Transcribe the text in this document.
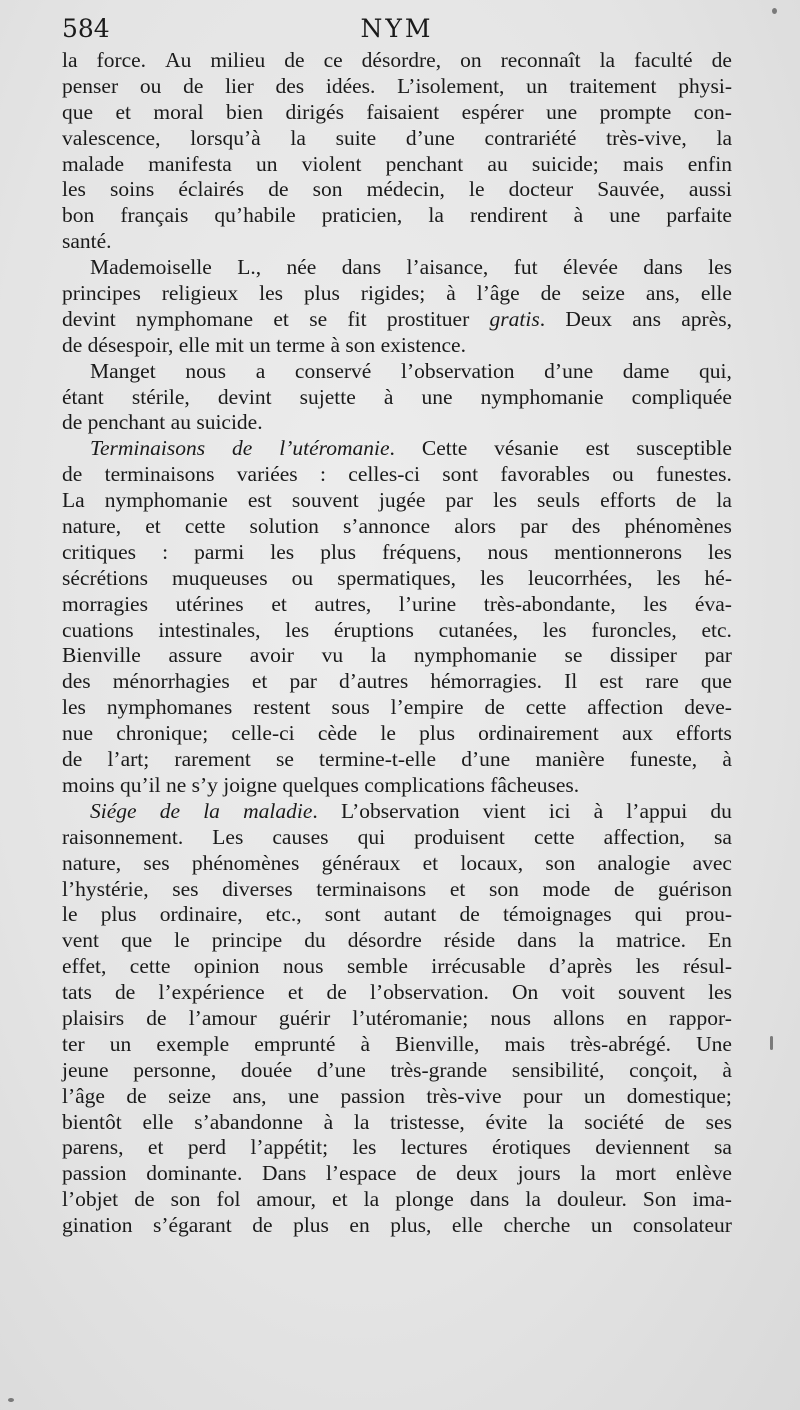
584	NYM
la force. Au milieu de ce désordre, on reconnaît la faculté de
penser ou de lier des idées. L’isolement, un traitement physi-
que et moral bien dirigés faisaient espérer une prompte con-
valescence, lorsqu’à la suite d’une contrariété très-vive, la
malade manifesta un violent penchant au suicide; mais enfin
les soins éclairés de son médecin, le docteur Sauvée, aussi
bon français qu’habile praticien, la rendirent à une parfaite
santé.
Mademoiselle L., née dans l’aisance, fut élevée dans les
principes religieux les plus rigides; à l’âge de seize ans, elle
devint nymphomane et se fit prostituer gratis. Deux ans après,
de désespoir, elle mit un terme à son existence.
Manget nous a conservé l’observation d’une dame qui,
étant stérile, devint sujette à une nymphomanie compliquée
de penchant au suicide.
Terminaisons de l’utéromanie. Cette vésanie est susceptible
de terminaisons variées : celles-ci sont favorables ou funestes.
La nymphomanie est souvent jugée par les seuls efforts de la
nature, et cette solution s’annonce alors par des phénomènes
critiques : parmi les plus fréquens, nous mentionnerons les
sécrétions muqueuses ou spermatiques, les leucorrhées, les hé-
morragies utérines et autres, l’urine très-abondante, les éva-
cuations intestinales, les éruptions cutanées, les furoncles, etc.
Bienville assure avoir vu la nymphomanie se dissiper par
des ménorrhagies et par d’autres hémorragies. Il est rare que
les nymphomanes restent sous l’empire de cette affection deve-
nue chronique; celle-ci cède le plus ordinairement aux efforts
de l’art; rarement se termine-t-elle d’une manière funeste, à
moins qu’il ne s’y joigne quelques complications fâcheuses.
Siége de la maladie. L’observation vient ici à l’appui du
raisonnement. Les causes qui produisent cette affection, sa
nature, ses phénomènes généraux et locaux, son analogie avec
l’hystérie, ses diverses terminaisons et son mode de guérison
le plus ordinaire, etc., sont autant de témoignages qui prou-
vent que le principe du désordre réside dans la matrice. En
effet, cette opinion nous semble irrécusable d’après les résul-
tats de l’expérience et de l’observation. On voit souvent les
plaisirs de l’amour guérir l’utéromanie; nous allons en rappor-
ter un exemple emprunté à Bienville, mais très-abrégé. Une
jeune personne, douée d’une très-grande sensibilité, conçoit, à
l’âge de seize ans, une passion très-vive pour un domestique;
bientôt elle s’abandonne à la tristesse, évite la société de ses
parens, et perd l’appétit; les lectures érotiques deviennent sa
passion dominante. Dans l’espace de deux jours la mort enlève
l’objet de son fol amour, et la plonge dans la douleur. Son ima-
gination s’égarant de plus en plus, elle cherche un consolateur
